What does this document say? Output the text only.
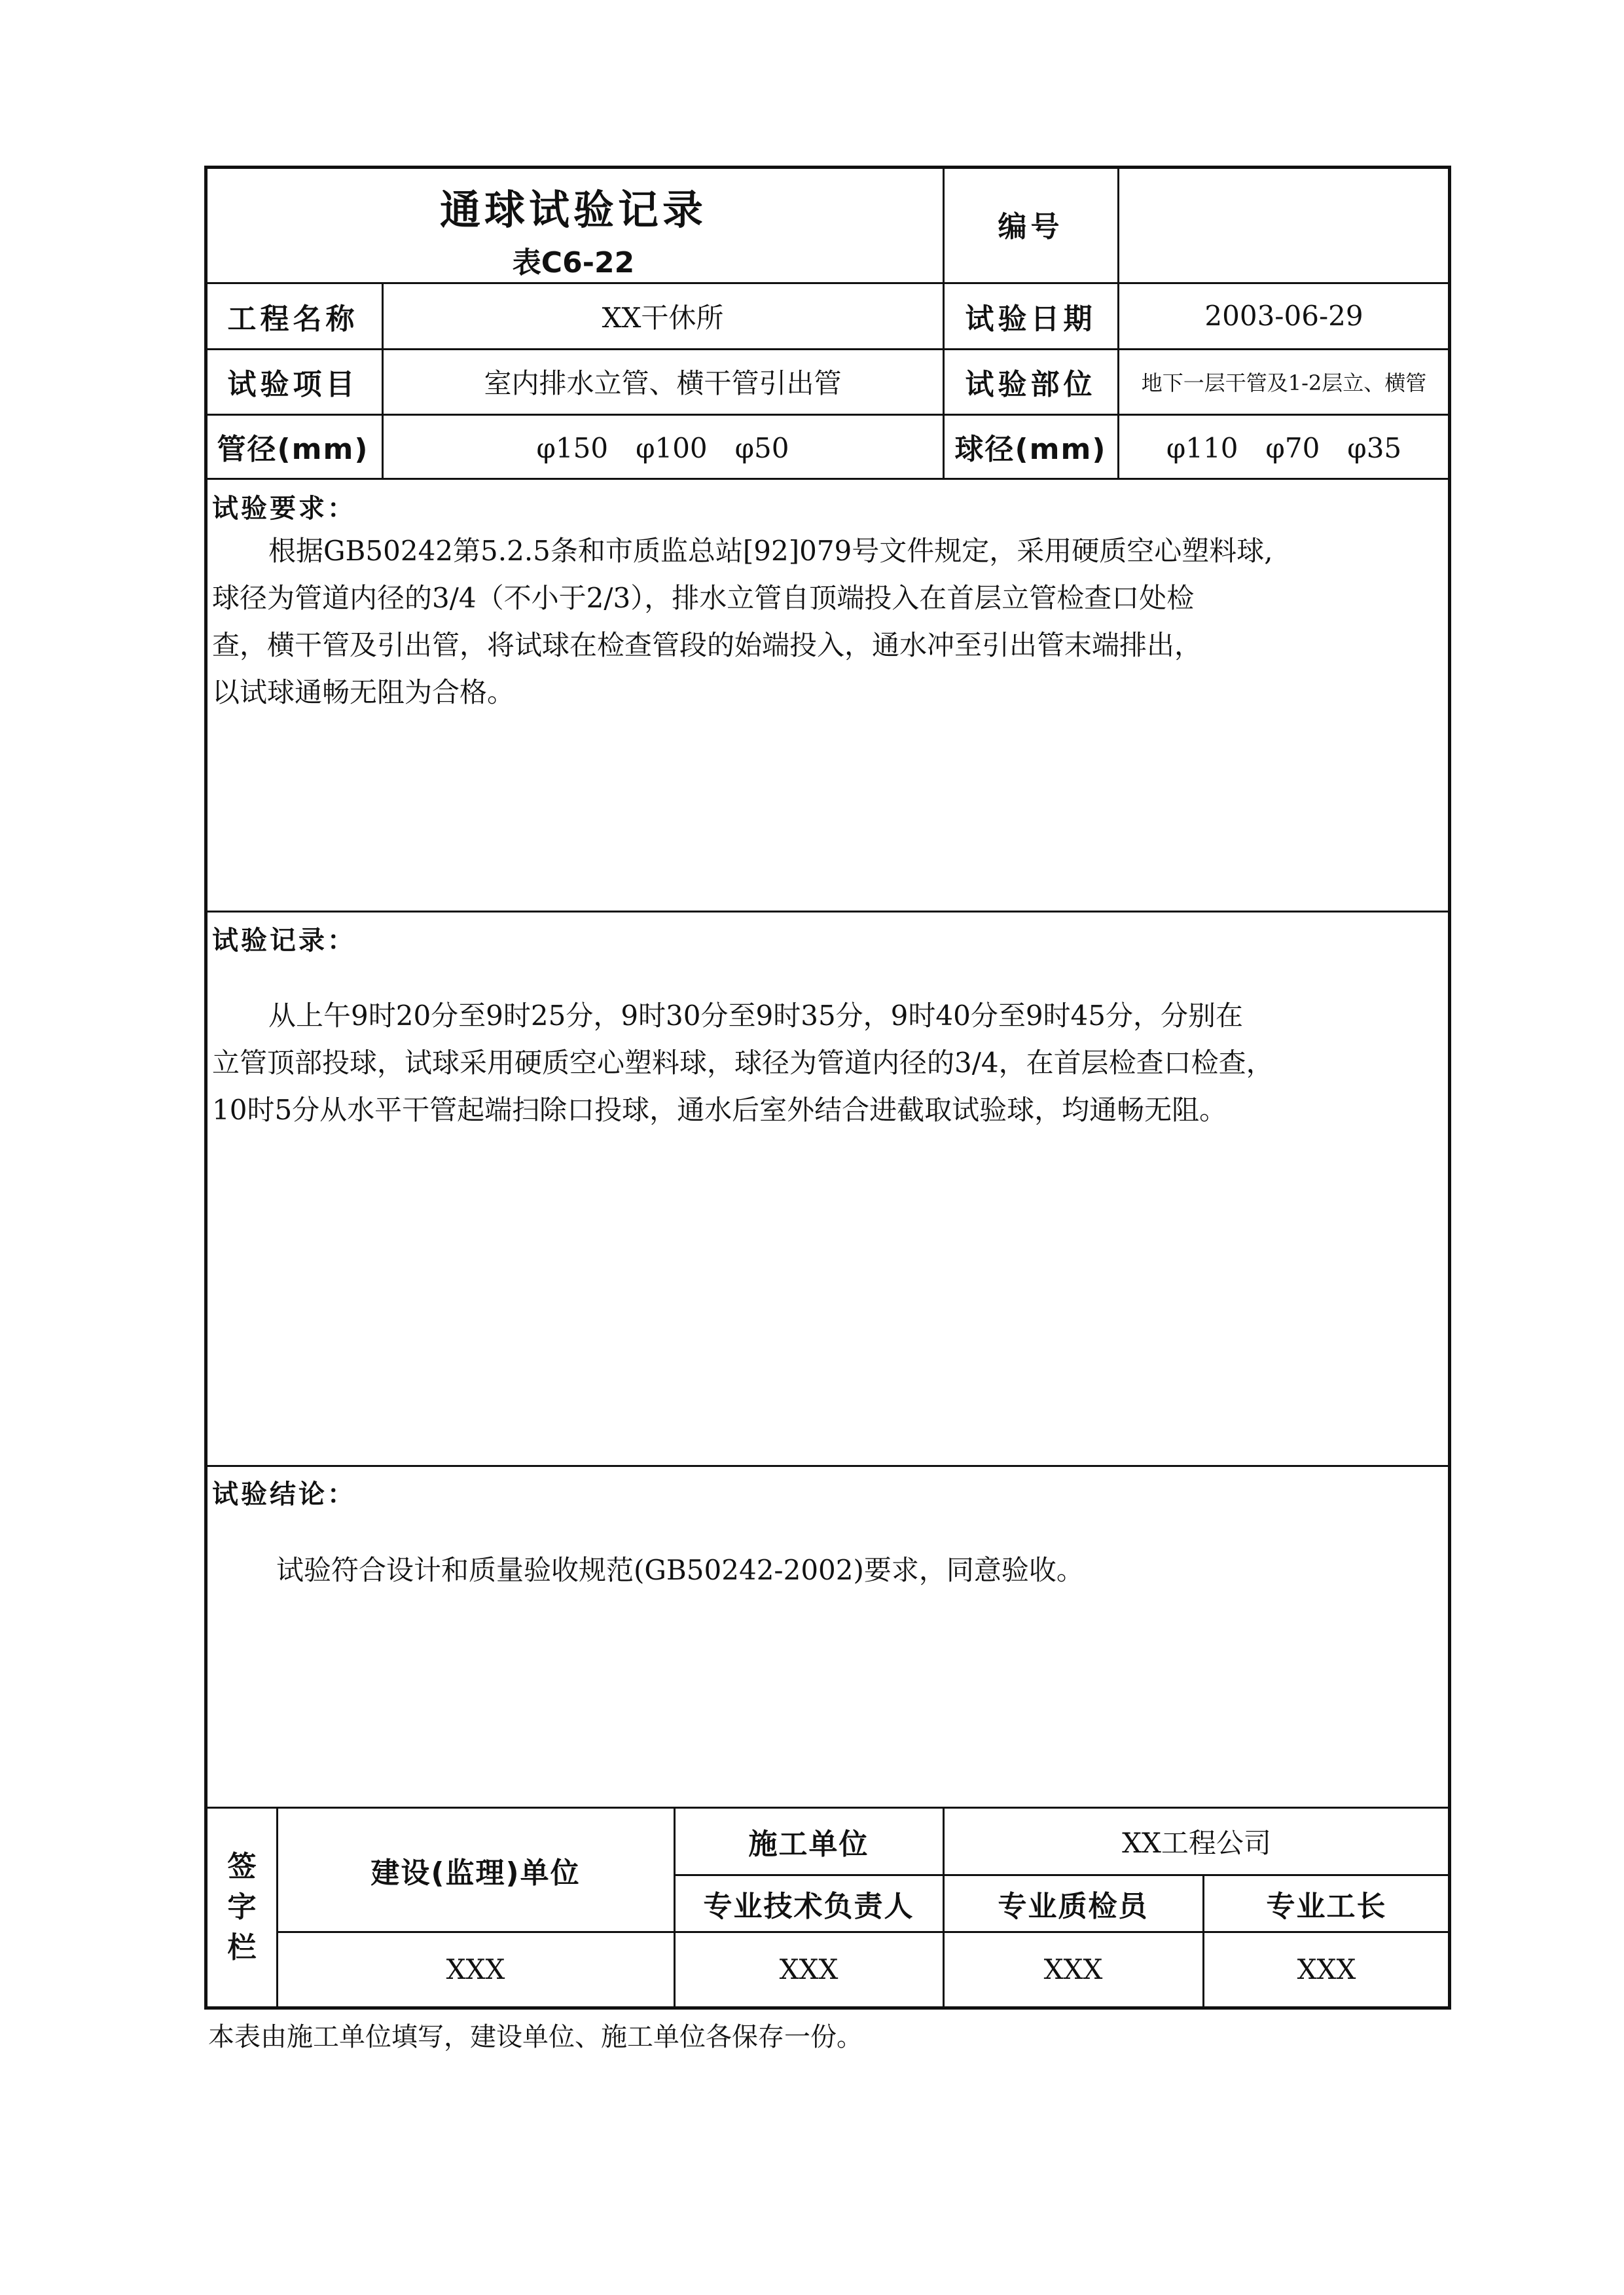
通球试验记录
表C6-22
编号
工程名称	XX干休所	试验日期	2003-06-29
试验项目	室内排水立管、横干管引出管	试验部位	地下一层干管及1-2层立、横管
管径(mm)	φ150　φ100　φ50	球径(mm)	φ110　φ70　φ35
试验要求：
根据GB50242第5.2.5条和市质监总站[92]079号文件规定，采用硬质空心塑料球,
球径为管道内径的3/4（不小于2/3），排水立管自顶端投入在首层立管检查口处检
查，横干管及引出管，将试球在检查管段的始端投入，通水冲至引出管末端排出，
以试球通畅无阻为合格。
试验记录：
从上午9时20分至9时25分，9时30分至9时35分，9时40分至9时45分，分别在
立管顶部投球，试球采用硬质空心塑料球，球径为管道内径的3/4，在首层检查口检查，
10时5分从水平干管起端扫除口投球，通水后室外结合进截取试验球，均通畅无阻。
试验结论：
试验符合设计和质量验收规范(GB50242-2002)要求，同意验收。
签字栏
建设(监理)单位
施工单位	XX工程公司
专业技术负责人	专业质检员	专业工长
XXX	XXX	XXX	XXX
本表由施工单位填写，建设单位、施工单位各保存一份。
